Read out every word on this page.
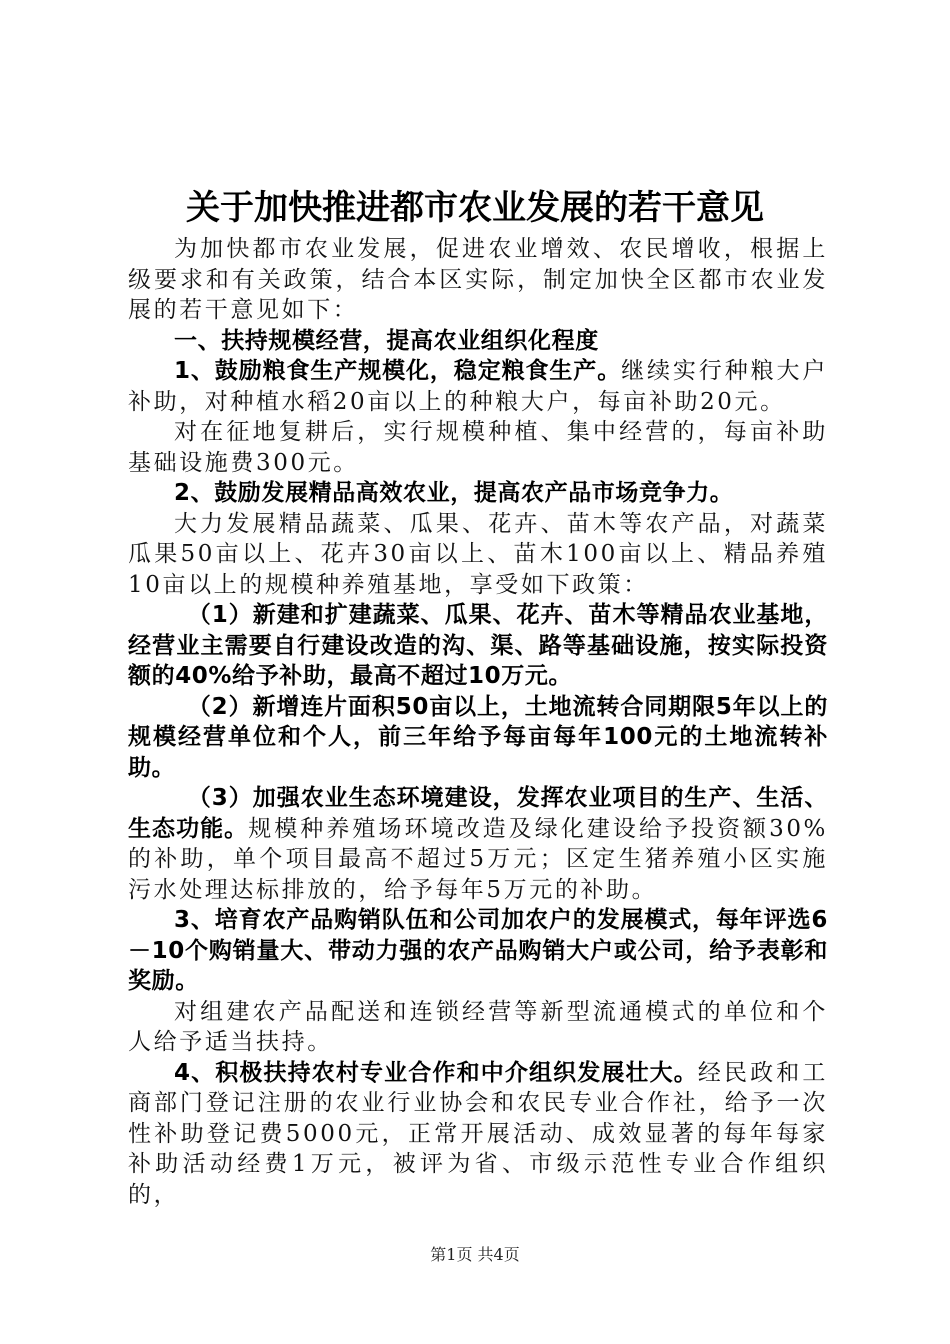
关于加快推进都市农业发展的若干意见

为加快都市农业发展，促进农业增效、农民增收，根据上级要求和有关政策，结合本区实际，制定加快全区都市农业发展的若干意见如下：

一、扶持规模经营，提高农业组织化程度

1、鼓励粮食生产规模化，稳定粮食生产。继续实行种粮大户补助，对种植水稻20亩以上的种粮大户，每亩补助20元。

对在征地复耕后，实行规模种植、集中经营的，每亩补助基础设施费300元。

2、鼓励发展精品高效农业，提高农产品市场竞争力。

大力发展精品蔬菜、瓜果、花卉、苗木等农产品，对蔬菜瓜果50亩以上、花卉30亩以上、苗木100亩以上、精品养殖10亩以上的规模种养殖基地，享受如下政策：

（1）新建和扩建蔬菜、瓜果、花卉、苗木等精品农业基地，经营业主需要自行建设改造的沟、渠、路等基础设施，按实际投资额的40%给予补助，最高不超过10万元。

（2）新增连片面积50亩以上，土地流转合同期限5年以上的规模经营单位和个人，前三年给予每亩每年100元的土地流转补助。

（3）加强农业生态环境建设，发挥农业项目的生产、生活、生态功能。规模种养殖场环境改造及绿化建设给予投资额30%的补助，单个项目最高不超过5万元；区定生猪养殖小区实施污水处理达标排放的，给予每年5万元的补助。

3、培育农产品购销队伍和公司加农户的发展模式，每年评选6－10个购销量大、带动力强的农产品购销大户或公司，给予表彰和奖励。

对组建农产品配送和连锁经营等新型流通模式的单位和个人给予适当扶持。

4、积极扶持农村专业合作和中介组织发展壮大。经民政和工商部门登记注册的农业行业协会和农民专业合作社，给予一次性补助登记费5000元，正常开展活动、成效显著的每年每家补助活动经费1万元，被评为省、市级示范性专业合作组织的，

第1页 共4页
